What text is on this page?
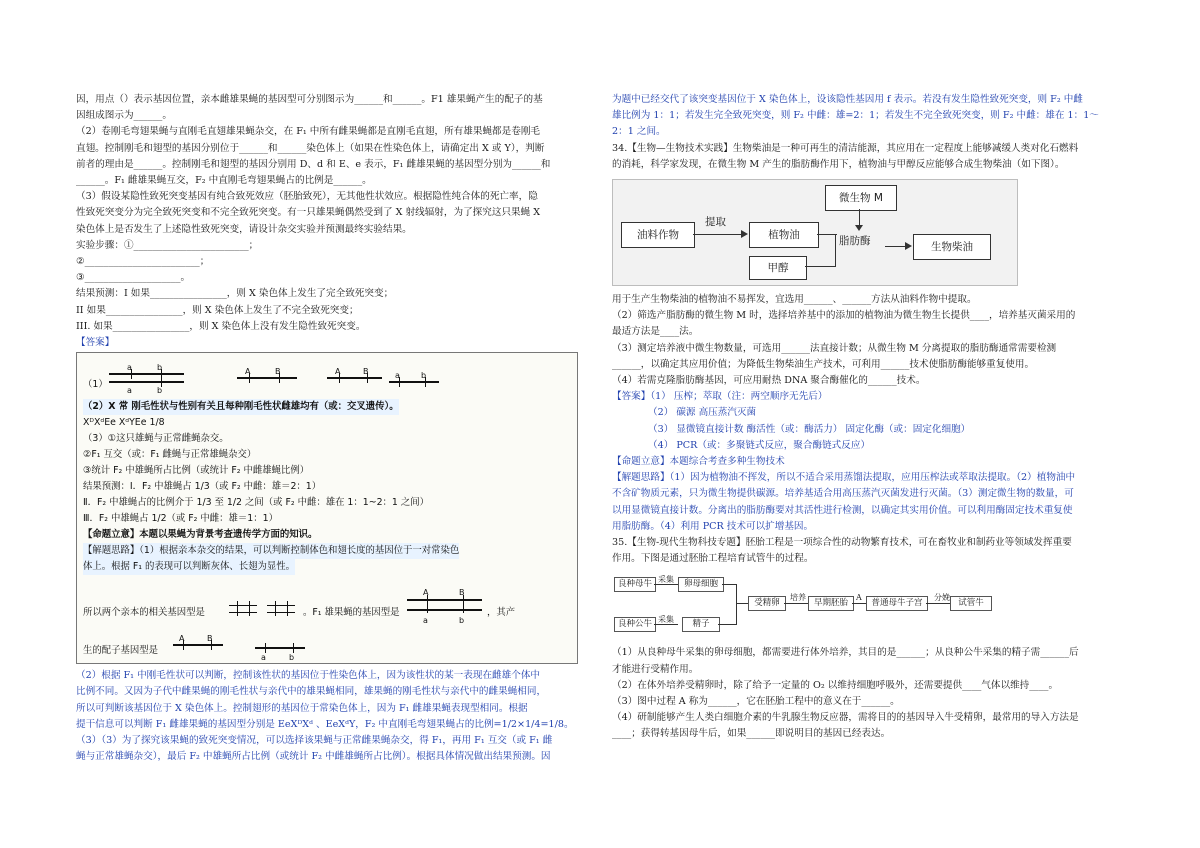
因，用点（）表示基因位置，亲本雌雄果蝇的基因型可分别图示为______和______。F1 雄果蝇产生的配子的基

因组成图示为______。

（2）卷刚毛弯翅果蝇与直刚毛直翅雄果蝇杂交，在 F₁ 中所有雌果蝇都是直刚毛直翅，所有雄果蝇都是卷刚毛

直翅。控制刚毛和翅型的基因分别位于______和______染色体上（如果在性染色体上，请确定出 X 或 Y），判断

前者的理由是______。控制刚毛和翅型的基因分别用 D、d 和 E、e 表示，F₁ 雌雄果蝇的基因型分别为______和

______。F₁ 雌雄果蝇互交，F₂ 中直刚毛弯翅果蝇占的比例是______。

（3）假设某隐性致死突变基因有纯合致死效应（胚胎致死），无其他性状效应。根据隐性纯合体的死亡率，隐

性致死突变分为完全致死突变和不完全致死突变。有一只雄果蝇偶然受到了 X 射线辐射，为了探究这只果蝇 X

染色体上是否发生了上述隐性致死突变，请设计杂交实验并预测最终实验结果。

实验步骤：①________________________；

②________________________；

③____________________。

结果预测：I 如果________________，则 X 染色体上发生了完全致死突变；

II 如果________________，则 X 染色体上发生了不完全致死突变；

III. 如果________________，则 X 染色体上没有发生隐性致死突变。

【答案】

（1）
a	b
a	b
A	B	A	B	a	b
（2）X 常 刚毛性状与性别有关且每种刚毛性状雌雄均有（或：交叉遗传）。
XᴰXᵈEe XᵈYEe 1/8
（3）①这只雄蝇与正常雌蝇杂交。
②F₁ 互交（或：F₁ 雌蝇与正常雄蝇杂交）
③统计 F₂ 中雄蝇所占比例（或统计 F₂ 中雌雄蝇比例）
结果预测：I．F₂ 中雄蝇占 1/3（或 F₂ 中雌：雄＝2：1）
Ⅱ．F₂ 中雄蝇占的比例介于 1/3 至 1/2 之间（或 F₂ 中雌：雄在 1：1~2：1 之间）
Ⅲ．F₂ 中雄蝇占 1/2（或 F₂ 中雌：雄＝1：1）
【命题立意】本题以果蝇为背景考查遗传学方面的知识。
【解题思路】（1）根据亲本杂交的结果，可以判断控制体色和翅长度的基因位于一对常染色
体上。根据 F₁ 的表现可以判断灰体、长翅为显性。
所以两个亲本的相关基因型是	。F₁ 雄果蝇的基因型是
A	B
a	b
，其产
生的配子基因型是
A	B
a	b

（2）根据 F₁ 中刚毛性状可以判断，控制该性状的基因位于性染色体上，因为该性状的某一表现在雌雄个体中

比例不同。又因为子代中雌果蝇的刚毛性状与亲代中的雄果蝇相同，雄果蝇的刚毛性状与亲代中的雌果蝇相同，

所以可判断该基因位于 X 染色体上。控制翅形的基因位于常染色体上，因为 F₁ 雌雄果蝇表现型相同。根据

提干信息可以判断 F₁ 雌雄果蝇的基因型分别是 EeXᴰXᵈ 、EeXᵈY，F₂ 中直刚毛弯翅果蝇占的比例=1/2×1/4=1/8。

（3）（3）为了探究该果蝇的致死突变情况，可以选择该果蝇与正常雌果蝇杂交，得 F₁，再用 F₁ 互交（或 F₁ 雌

蝇与正常雄蝇杂交），最后 F₂ 中雄蝇所占比例（或统计 F₂ 中雌雄蝇所占比例）。根据具体情况做出结果预测。因

为题中已经交代了该突变基因位于 X 染色体上，设该隐性基因用 f 表示。若没有发生隐性致死突变，则 F₂ 中雌

雄比例为 1：1；若发生完全致死突变，则 F₂ 中雌：雄=2：1；若发生不完全致死突变，则 F₂ 中雌：雄在 1：1～

2：1 之间。

34.【生物—生物技术实践】生物柴油是一种可再生的清洁能源，其应用在一定程度上能够减缓人类对化石燃料

的消耗，科学家发现，在微生物 M 产生的脂肪酶作用下，植物油与甲醇反应能够合成生物柴油（如下图）。

油料作物
提取
植物油
微生物 M
脂肪酶
甲醇
生物柴油

用于生产生物柴油的植物油不易挥发，宜选用______、______方法从油料作物中提取。

（2）筛选产脂肪酶的微生物 M 时，选择培养基中的添加的植物油为微生物生长提供____，培养基灭菌采用的

最适方法是____法。

（3）测定培养液中微生物数量，可选用______法直接计数；从微生物 M 分离提取的脂肪酶通常需要检测

______，以确定其应用价值；为降低生物柴油生产技术，可利用______技术使脂肪酶能够重复使用。

（4）若需克隆脂肪酶基因，可应用耐热 DNA 聚合酶催化的______技术。

【答案】（1） 压榨；萃取（注：两空顺序无先后）

（2） 碳源 高压蒸汽灭菌

（3） 显微镜直接计数 酶活性（或：酶活力） 固定化酶（或：固定化细胞）

（4） PCR（或：多聚链式反应，聚合酶链式反应）

【命题立意】本题综合考查多种生物技术

【解题思路】（1）因为植物油不挥发，所以不适合采用蒸馏法提取，应用压榨法或萃取法提取。（2）植物油中

不含矿物质元素，只为微生物提供碳源。培养基适合用高压蒸汽灭菌发进行灭菌。（3）测定微生物的数量，可

以用显微镜直接计数。分离出的脂肪酶要对其活性进行检测，以确定其实用价值。可以利用酶固定技术重复使

用脂肪酶。（4）利用 PCR 技术可以扩增基因。

35.【生物-现代生物科技专题】胚胎工程是一项综合性的动物繁育技术，可在畜牧业和制药业等领域发挥重要

作用。下图是通过胚胎工程培育试管牛的过程。

良种母牛 采集	卵母细胞
良种公牛 采集	精子
受精卵
培养
早期胚胎
A
普通母牛子宫
分娩
试管牛

（1）从良种母牛采集的卵母细胞，都需要进行体外培养，其目的是______；从良种公牛采集的精子需______后

才能进行受精作用。

（2）在体外培养受精卵时，除了给予一定量的 O₂ 以维持细胞呼吸外，还需要提供____气体以维持____。

（3）图中过程 A 称为______，它在胚胎工程中的意义在于______。

（4）研制能够产生人类白细胞介素的牛乳腺生物反应器，需将目的的基因导入牛受精卵，最常用的导入方法是

____；获得转基因母牛后，如果______即说明目的基因已经表达。
